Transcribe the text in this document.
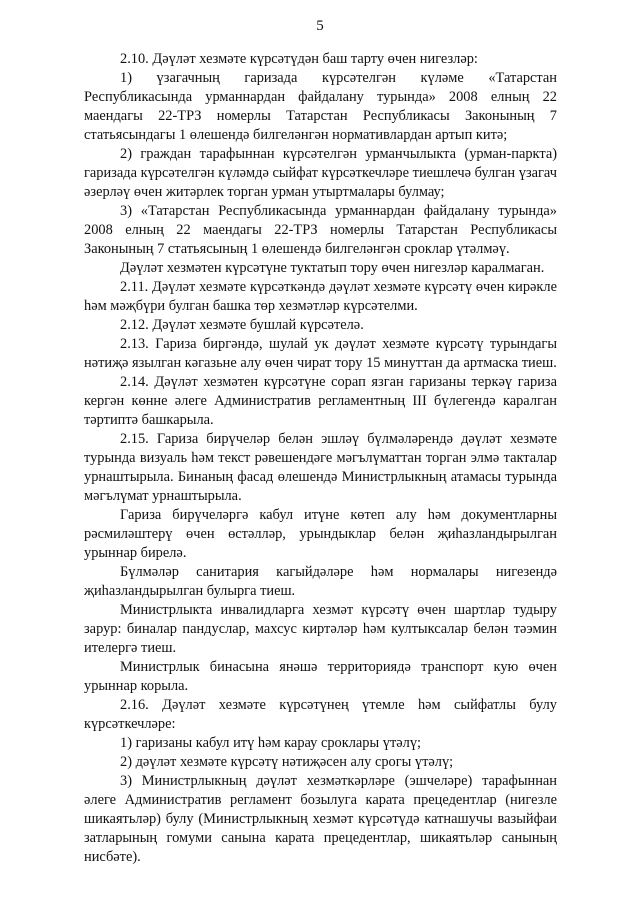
5

2.10. Дәүләт хезмәте күрсәтүдән баш тарту өчен нигезләр:

1) үзагачның гаризада күрсәтелгән күләме «Татарстан Республикасында урманнардан файдалану турында» 2008 елның 22 маендагы 22-ТРЗ номерлы Татарстан Республикасы Законының 7 статьясындагы 1 өлешендә билгеләнгән нормативлардан артып китә;

2) граждан тарафыннан күрсәтелгән урманчылыкта (урман-паркта) гаризада күрсәтелгән күләмдә сыйфат күрсәткечләре тиешлечә булган үзагач әзерләү өчен житәрлек торган урман утыртмалары булмау;

3) «Татарстан Республикасында урманнардан файдалану турында» 2008 елның 22 маендагы 22-ТРЗ номерлы Татарстан Республикасы Законының 7 статьясының 1 өлешендә билгеләнгән сроклар үтәлмәү.

Дәүләт хезмәтен күрсәтүне туктатып тору өчен нигезләр каралмаган.

2.11. Дәүләт хезмәте күрсәткәндә дәүләт хезмәте күрсәтү өчен кирәкле һәм мәҗбүри булган башка төр хезмәтләр күрсәтелми.

2.12. Дәүләт хезмәте бушлай күрсәтелә.

2.13. Гариза биргәндә, шулай ук дәүләт хезмәте күрсәтү турындагы нәтиҗә язылган кәгазьне алу өчен чират тору 15 минуттан да артмаска тиеш.

2.14. Дәүләт хезмәтен күрсәтүне сорап язган гаризаны теркәү гариза кергән көнне әлеге Административ регламентның III бүлегендә каралган тәртиптә башкарыла.

2.15. Гариза бирүчеләр белән эшләү бүлмәләрендә дәүләт хезмәте турында визуаль һәм текст рәвешендәге мәгълүматтан торган элмә такталар урнаштырыла. Бинаның фасад өлешендә Министрлыкның атамасы турында мәгълүмат урнаштырыла.

Гариза бирүчеләргә кабул итүне көтеп алу һәм документларны рәсмиләштерү өчен өстәлләр, урындыклар белән җиһазландырылган урыннар бирелә.

Бүлмәләр санитария кагыйдәләре һәм нормалары нигезендә җиһазландырылган булырга тиеш.

Министрлыкта инвалидларга хезмәт күрсәтү өчен шартлар тудыру зарур: биналар пандуслар, махсус киртәләр һәм култыксалар белән тәэмин ителергә тиеш.

Министрлык бинасына янәшә территориядә транспорт кую өчен урыннар корыла.

2.16. Дәүләт хезмәте күрсәтүнең үтемле һәм сыйфатлы булу күрсәткечләре:

1) гаризаны кабул итү һәм карау сроклары үтәлү;

2) дәүләт хезмәте күрсәтү нәтиҗәсен алу срогы үтәлү;

3) Министрлыкның дәүләт хезмәткәрләре (эшчеләре) тарафыннан әлеге Административ регламент бозылуга карата прецедентлар (нигезле шикаятьләр) булу (Министрлыкның хезмәт күрсәтүдә катнашучы вазыйфаи затларының гомуми санына карата прецедентлар, шикаятьләр санының нисбәте).
